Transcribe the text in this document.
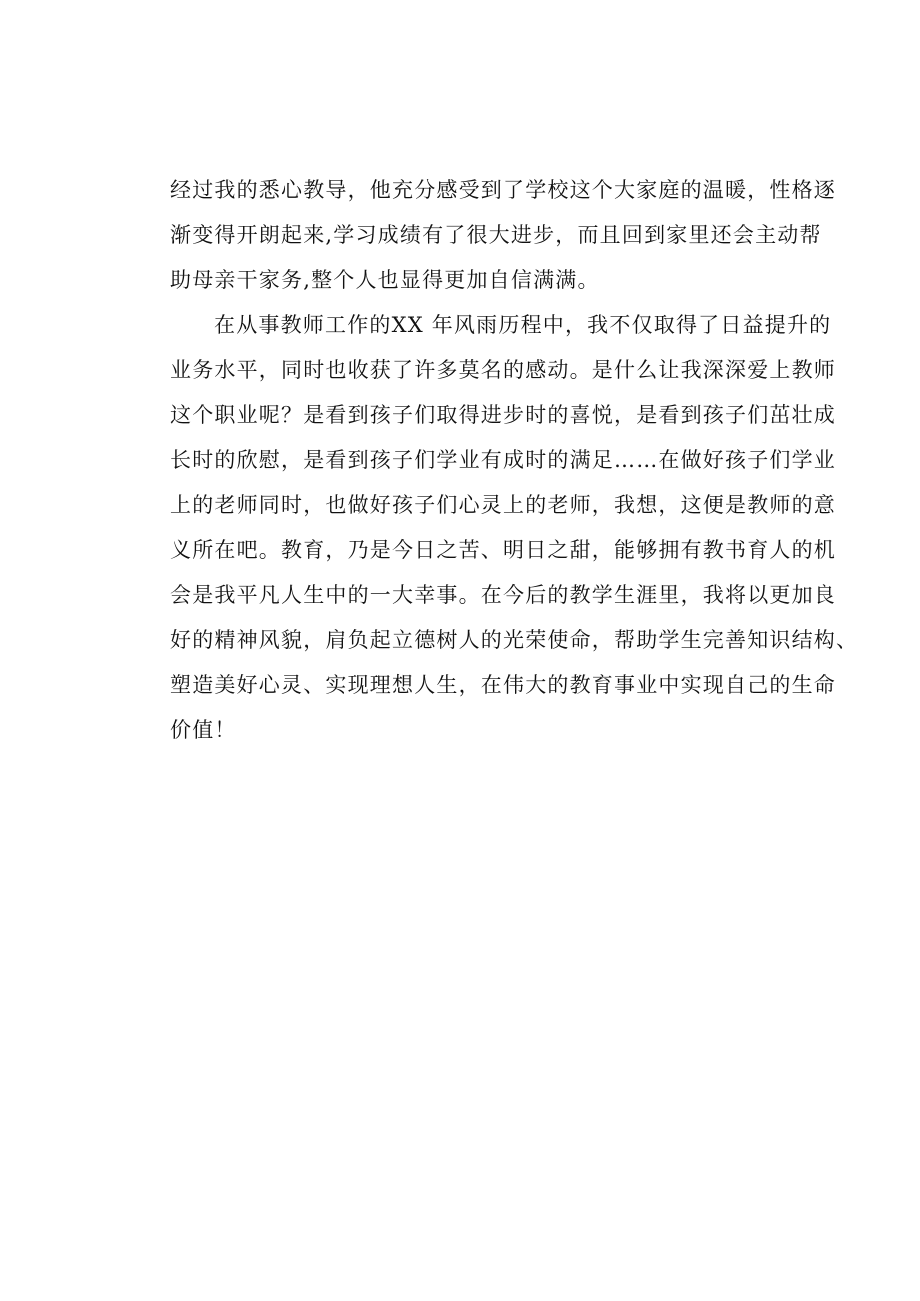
经过我的悉心教导，他充分感受到了学校这个大家庭的温暖，性格逐
渐变得开朗起来,学习成绩有了很大进步，而且回到家里还会主动帮
助母亲干家务,整个人也显得更加自信满满。
在从事教师工作的XX 年风雨历程中，我不仅取得了日益提升的
业务水平，同时也收获了许多莫名的感动。是什么让我深深爱上教师
这个职业呢？是看到孩子们取得进步时的喜悦，是看到孩子们茁壮成
长时的欣慰，是看到孩子们学业有成时的满足……在做好孩子们学业
上的老师同时，也做好孩子们心灵上的老师，我想，这便是教师的意
义所在吧。教育，乃是今日之苦、明日之甜，能够拥有教书育人的机
会是我平凡人生中的一大幸事。在今后的教学生涯里，我将以更加良
好的精神风貌，肩负起立德树人的光荣使命，帮助学生完善知识结构、
塑造美好心灵、实现理想人生，在伟大的教育事业中实现自己的生命
价值！
